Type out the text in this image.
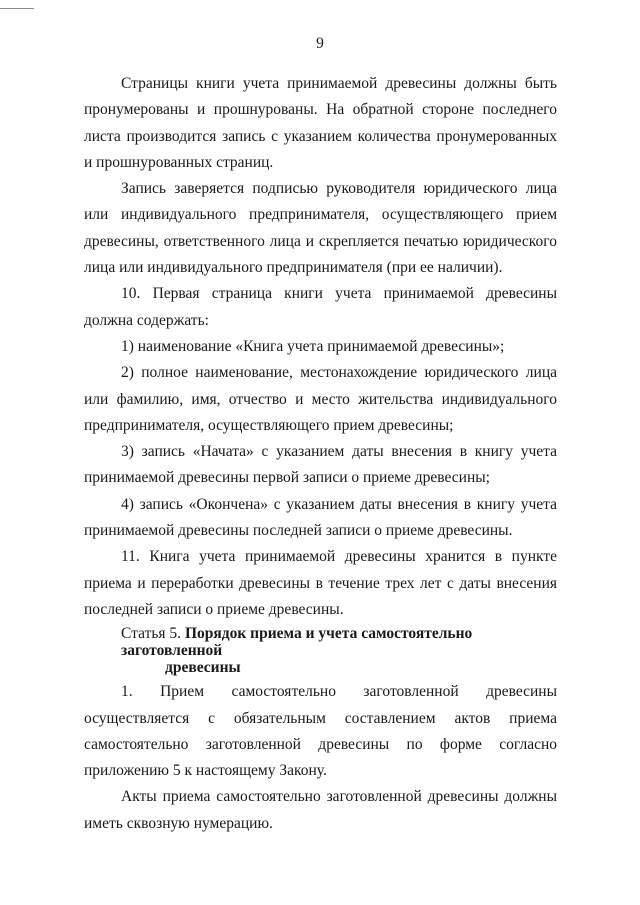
9

Страницы книги учета принимаемой древесины должны быть пронумерованы и прошнурованы. На обратной стороне последнего листа производится запись с указанием количества пронумерованных и прошнурованных страниц.

Запись заверяется подписью руководителя юридического лица или индивидуального предпринимателя, осуществляющего прием древесины, ответственного лица и скрепляется печатью юридического лица или индивидуального предпринимателя (при ее наличии).

10. Первая страница книги учета принимаемой древесины должна содержать:

1) наименование «Книга учета принимаемой древесины»;

2) полное наименование, местонахождение юридического лица или фамилию, имя, отчество и место жительства индивидуального предпринимателя, осуществляющего прием древесины;

3) запись «Начата» с указанием даты внесения в книгу учета принимаемой древесины первой записи о приеме древесины;

4) запись «Окончена» с указанием даты внесения в книгу учета принимаемой древесины последней записи о приеме древесины.

11. Книга учета принимаемой древесины хранится в пункте приема и переработки древесины в течение трех лет с даты внесения последней записи о приеме древесины.

Статья 5. Порядок приема и учета самостоятельно заготовленной
древесины

1. Прием самостоятельно заготовленной древесины осуществляется с обязательным составлением актов приема самостоятельно заготовленной древесины по форме согласно приложению 5 к настоящему Закону.

Акты приема самостоятельно заготовленной древесины должны иметь сквозную нумерацию.
